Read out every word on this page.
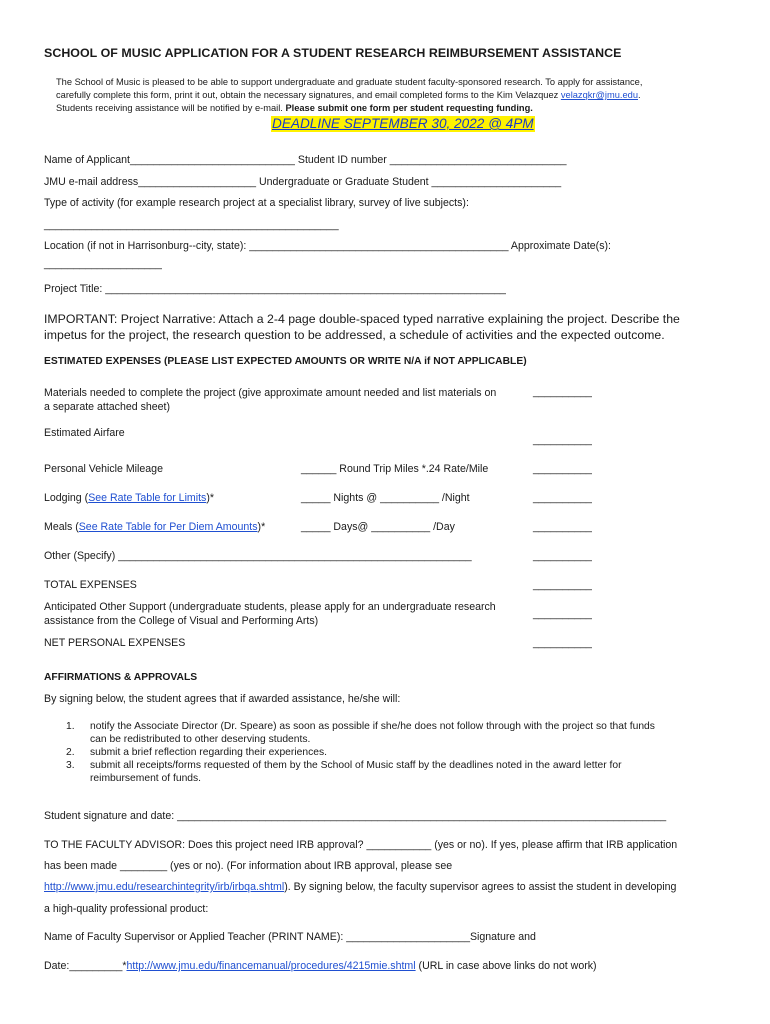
SCHOOL OF MUSIC APPLICATION FOR A STUDENT RESEARCH REIMBURSEMENT ASSISTANCE
The School of Music is pleased to be able to support undergraduate and graduate student faculty-sponsored research. To apply for assistance,
carefully complete this form, print it out, obtain the necessary signatures, and email completed forms to the Kim Velazquez velazqkr@jmu.edu.
Students receiving assistance will be notified by e-mail. Please submit one form per student requesting funding.
DEADLINE SEPTEMBER 30, 2022 @ 4PM
Name of Applicant____________________________ Student ID number ______________________________
JMU e-mail address____________________ Undergraduate or Graduate Student ______________________
Type of activity (for example research project at a specialist library, survey of live subjects):
__________________________________________________
Location (if not in Harrisonburg--city, state): ____________________________________________ Approximate Date(s):
____________________
Project Title: ____________________________________________________________________
IMPORTANT: Project Narrative: Attach a 2-4 page double-spaced typed narrative explaining the project. Describe the
impetus for the project, the research question to be addressed, a schedule of activities and the expected outcome.
ESTIMATED EXPENSES (PLEASE LIST EXPECTED AMOUNTS OR WRITE N/A if NOT APPLICABLE)
Materials needed to complete the project (give approximate amount needed and list materials on
a separate attached sheet)
__________
Estimated Airfare
__________
Personal Vehicle Mileage	______ Round Trip Miles *.24 Rate/Mile	__________
Lodging (See Rate Table for Limits)*	_____ Nights @ __________ /Night	__________
Meals (See Rate Table for Per Diem Amounts)*	_____ Days@ __________ /Day	__________
Other (Specify) ____________________________________________________________	__________
TOTAL EXPENSES	__________
Anticipated Other Support (undergraduate students, please apply for an undergraduate research
assistance from the College of Visual and Performing Arts)
__________
NET PERSONAL EXPENSES	__________
AFFIRMATIONS & APPROVALS
By signing below, the student agrees that if awarded assistance, he/she will:
1. notify the Associate Director (Dr. Speare) as soon as possible if she/he does not follow through with the project so that funds
can be redistributed to other deserving students.
2. submit a brief reflection regarding their experiences.
3. submit all receipts/forms requested of them by the School of Music staff by the deadlines noted in the award letter for
reimbursement of funds.
Student signature and date: ___________________________________________________________________________________
TO THE FACULTY ADVISOR: Does this project need IRB approval? ___________ (yes or no). If yes, please affirm that IRB application
has been made ________ (yes or no). (For information about IRB approval, please see
http://www.jmu.edu/researchintegrity/irb/irbqa.shtml). By signing below, the faculty supervisor agrees to assist the student in developing
a high-quality professional product:
Name of Faculty Supervisor or Applied Teacher (PRINT NAME): _____________________Signature and
Date:_________*http://www.jmu.edu/financemanual/procedures/4215mie.shtml (URL in case above links do not work)
